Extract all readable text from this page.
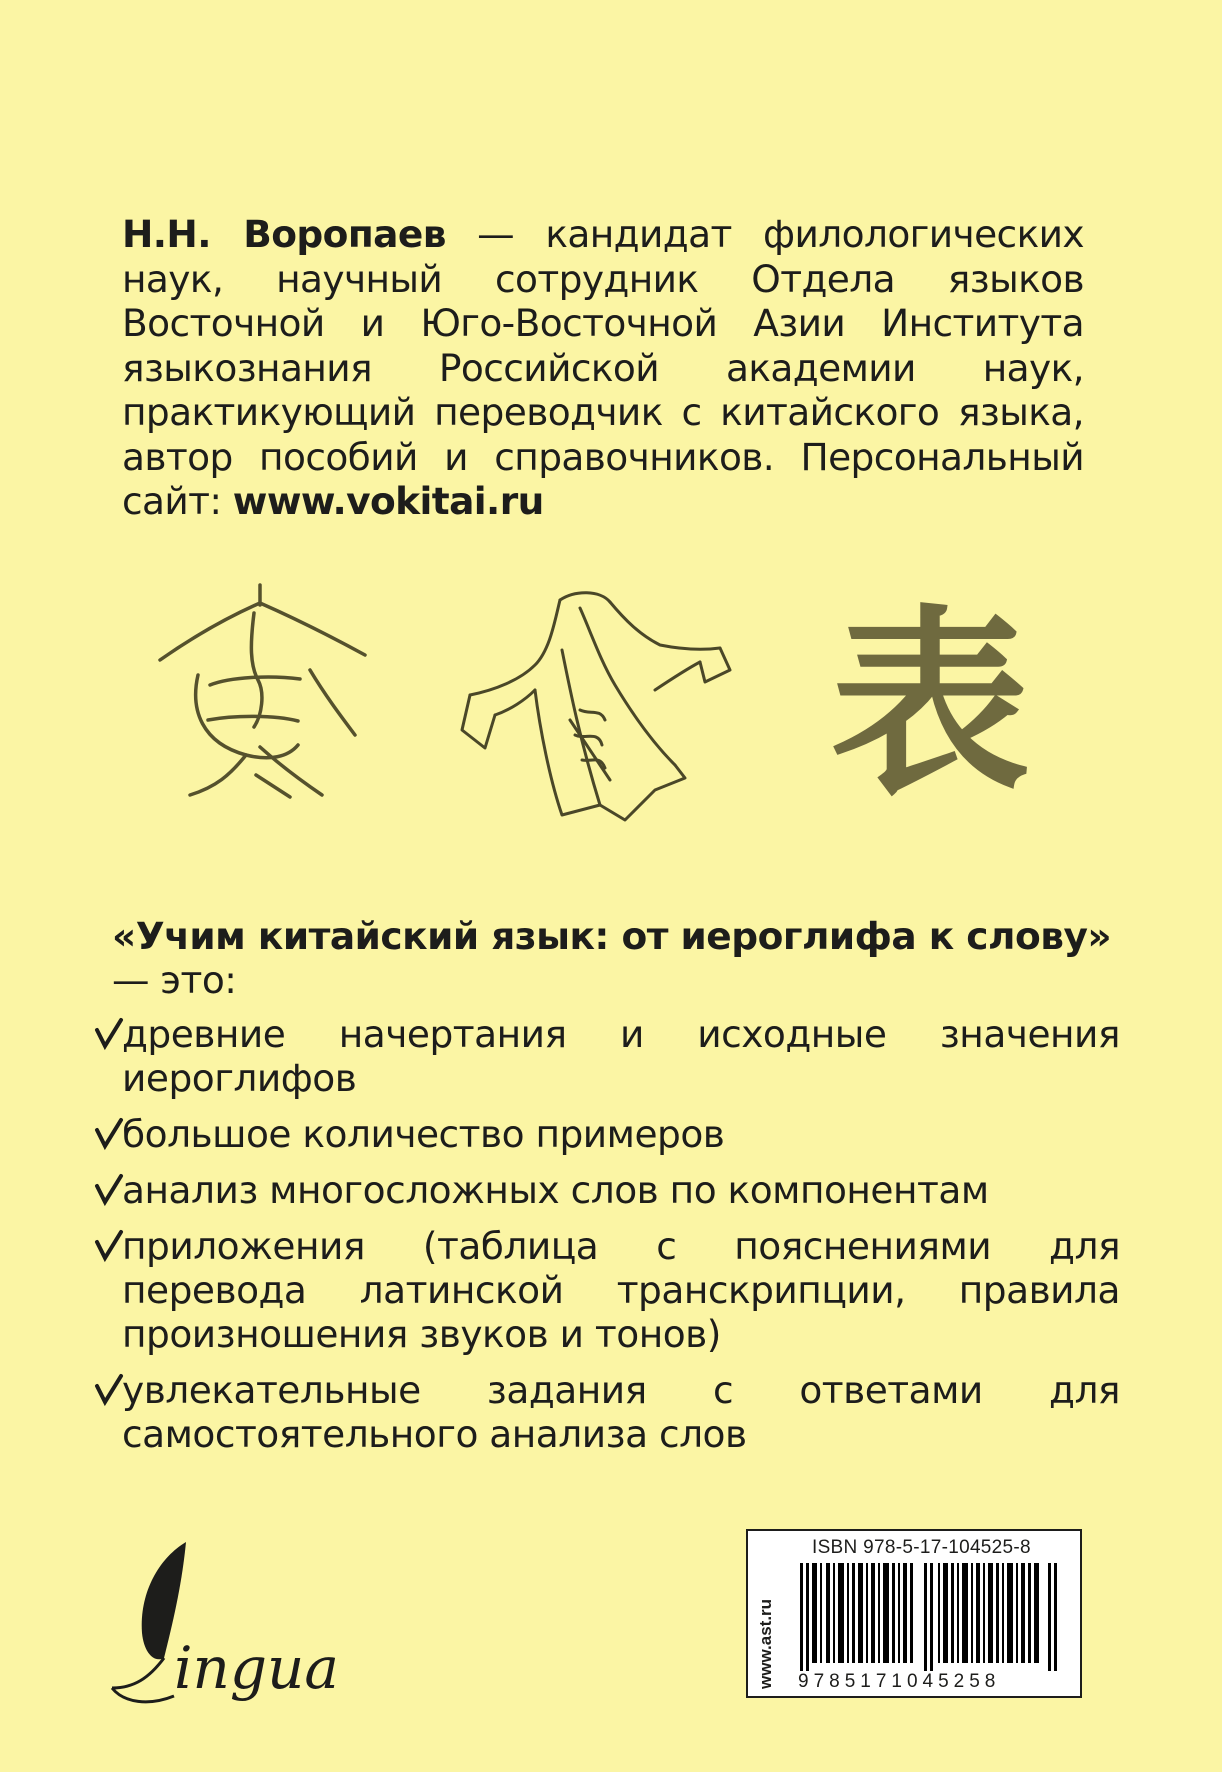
Н.Н. Воропаев — кандидат филологических наук, научный сотрудник Отдела языков Восточной и Юго-Восточной Азии Института языкознания Российской академии наук, практикующий переводчик с китайского языка, автор пособий и справочников. Персональный сайт: www.vokitai.ru
表

«Учим китайский язык: от иероглифа к слову» — это:

древние начертания и исходные значения иероглифов
большое количество примеров
анализ многосложных слов по компонентам
приложения (таблица с пояснениями для перевода латинской транскрипции, правила произношения звуков и тонов)
увлекательные задания с ответами для самостоятельного анализа слов
ingua	www.ast.ru
ISBN 978-5-17-104525-8
9785171045258
